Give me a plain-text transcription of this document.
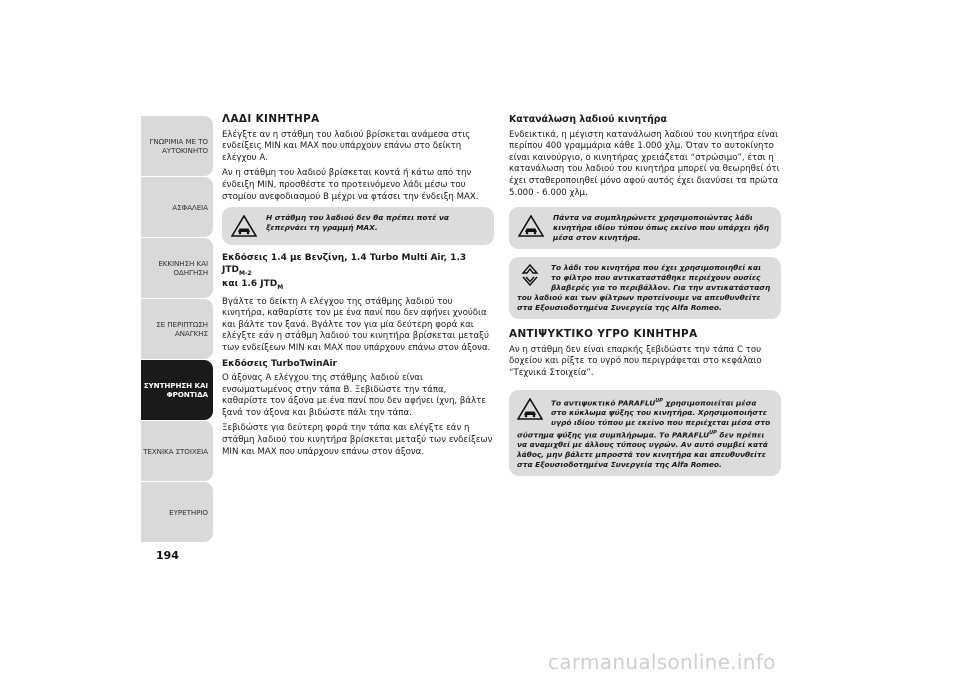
ΓΝΩΡΙΜΙΑ ΜΕ ΤΟ
ΑΥΤΟΚΙΝΗΤΟ
ΑΣΦΑΛΕΙΑ
ΕΚΚΙΝΗΣΗ ΚΑΙ
ΟΔΗΓΗΣΗ
ΣΕ ΠΕΡΙΠΤΩΣΗ
ΑΝΑΓΚΗΣ
ΣΥΝΤΗΡΗΣΗ ΚΑΙ
ΦΡΟΝΤΙΔΑ
ΤΕΧΝΙΚΑ ΣΤΟΙΧΕΙΑ
ΕΥΡΕΤΗΡΙΟ
194
ΛΑΔΙ ΚΙΝΗΤΗΡΑ

Ελέγξτε αν η στάθμη του λαδιού βρίσκεται ανάμεσα στις ενδείξεις MIN και MAX που υπάρχουν επάνω στο δείκτη ελέγχου A.

Αν η στάθμη του λαδιού βρίσκεται κοντά ή κάτω από την ένδειξη MIN, προσθέστε το προτεινόμενο λάδι μέσω του στομίου ανεφοδιασμού B μέχρι να φτάσει την ένδειξη MAX.

Η στάθμη του λαδιού δεν θα πρέπει ποτέ να ξεπερνάει τη γραμμή MAX.
Εκδόσεις 1.4 με Βενζίνη, 1.4 Turbo Multi Air, 1.3 $JTD_{M-2}$
και 1.6 $JTD_M$

Βγάλτε το δείκτη A ελέγχου της στάθμης λαδιού του κινητήρα, καθαρίστε τον με ένα πανί που δεν αφήνει χνούδια και βάλτε τον ξανά. Βγάλτε τον για μία δεύτερη φορά και ελέγξτε εάν η στάθμη λαδιού του κινητήρα βρίσκεται μεταξύ των ενδείξεων MIN και MAX που υπάρχουν επάνω στον άξονα.

Εκδόσεις TurboTwinAir

Ο άξονας A ελέγχου της στάθμης λαδιού είναι ενσωματωμένος στην τάπα B. Ξεβιδώστε την τάπα, καθαρίστε τον άξονα με ένα πανί που δεν αφήνει ίχνη, βάλτε ξανά τον άξονα και βιδώστε πάλι την τάπα.

Ξεβιδώστε για δεύτερη φορά την τάπα και ελέγξτε εάν η στάθμη λαδιού του κινητήρα βρίσκεται μεταξύ των ενδείξεων MIN και MAX που υπάρχουν επάνω στον άξονα.

Κατανάλωση λαδιού κινητήρα

Ενδεικτικά, η μέγιστη κατανάλωση λαδιού του κινητήρα είναι περίπου 400 γραμμάρια κάθε 1.000 χλμ. Όταν το αυτοκίνητο είναι καινούργιο, ο κινητήρας χρειάζεται “στρώσιμο”, έτσι η κατανάλωση του λαδιού του κινητήρα μπορεί να θεωρηθεί ότι έχει σταθεροποιηθεί μόνο αφού αυτός έχει διανύσει τα πρώτα 5.000 - 6.000 χλμ.

Πάντα να συμπληρώνετε χρησιμοποιώντας λάδι κινητήρα ιδίου τύπου όπως εκείνο που υπάρχει ήδη μέσα στον κινητήρα.
Το λάδι του κινητήρα που έχει χρησιμοποιηθεί και το φίλτρο που αντικαταστάθηκε περιέχουν ουσίες βλαβερές για το περιβάλλον. Για την αντικατάσταση του λαδιού και των φίλτρων προτείνουμε να απευθυνθείτε στα Εξουσιοδοτημένα Συνεργεία της Alfa Romeo.
ΑΝΤΙΨΥΚΤΙΚΟ ΥΓΡΟ ΚΙΝΗΤΗΡΑ

Αν η στάθμη δεν είναι επαρκής ξεβιδώστε την τάπα C του δοχείου και ρίξτε το υγρό που περιγράφεται στο κεφάλαιο “Τεχνικά Στοιχεία”.

Το αντιψυκτικό $PARAFLU^{UP}$ χρησιμοποιείται μέσα στο κύκλωμα ψύξης του κινητήρα. Χρησιμοποιήστε υγρό ιδίου τύπου με εκείνο που περιέχεται μέσα στο σύστημα ψύξης για συμπλήρωμα. Το $PARAFLU^{UP}$ δεν πρέπει να αναμιχθεί με άλλους τύπους υγρών. Αν αυτό συμβεί κατά λάθος, μην βάλετε μπροστά τον κινητήρα και απευθυνθείτε στα Εξουσιοδοτημένα Συνεργεία της Alfa Romeo.
carmanualsonline.info
